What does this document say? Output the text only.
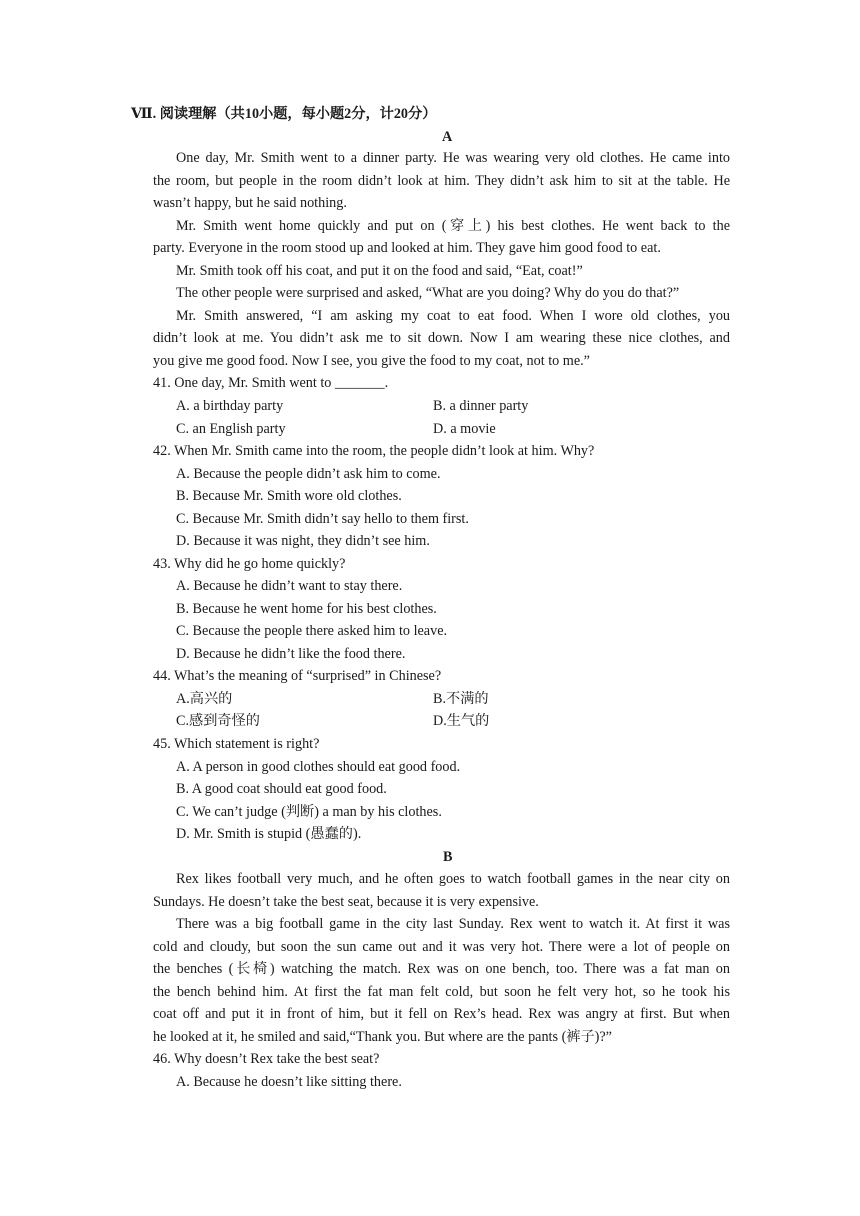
Ⅶ. 阅读理解（共10小题，每小题2分，计20分）
A
One day, Mr. Smith went to a dinner party. He was wearing very old clothes. He came into
the room, but people in the room didn’t look at him. They didn’t ask him to sit at the table. He
wasn’t happy, but he said nothing.
Mr. Smith went home quickly and put on (穿上) his best clothes. He went back to the
party. Everyone in the room stood up and looked at him. They gave him good food to eat.
Mr. Smith took off his coat, and put it on the food and said, “Eat, coat!”
The other people were surprised and asked, “What are you doing? Why do you do that?”
Mr. Smith answered, “I am asking my coat to eat food. When I wore old clothes, you
didn’t look at me. You didn’t ask me to sit down. Now I am wearing these nice clothes, and
you give me good food. Now I see, you give the food to my coat, not to me.”
41. One day, Mr. Smith went to _______.
A. a birthday party	B. a dinner party
C. an English party	D. a movie
42. When Mr. Smith came into the room, the people didn’t look at him. Why?
A. Because the people didn’t ask him to come.
B. Because Mr. Smith wore old clothes.
C. Because Mr. Smith didn’t say hello to them first.
D. Because it was night, they didn’t see him.
43. Why did he go home quickly?
A. Because he didn’t want to stay there.
B. Because he went home for his best clothes.
C. Because the people there asked him to leave.
D. Because he didn’t like the food there.
44. What’s the meaning of “surprised” in Chinese?
A.高兴的	B.不满的
C.感到奇怪的	D.生气的
45. Which statement is right?
A. A person in good clothes should eat good food.
B. A good coat should eat good food.
C. We can’t judge (判断) a man by his clothes.
D. Mr. Smith is stupid (愚蠢的).
B
Rex likes football very much, and he often goes to watch football games in the near city on
Sundays. He doesn’t take the best seat, because it is very expensive.
There was a big football game in the city last Sunday. Rex went to watch it. At first it was
cold and cloudy, but soon the sun came out and it was very hot. There were a lot of people on
the benches (长椅) watching the match. Rex was on one bench, too. There was a fat man on
the bench behind him. At first the fat man felt cold, but soon he felt very hot, so he took his
coat off and put it in front of him, but it fell on Rex’s head. Rex was angry at first. But when
he looked at it, he smiled and said,“Thank you. But where are the pants (裤子)?”
46. Why doesn’t Rex take the best seat?
A. Because he doesn’t like sitting there.
